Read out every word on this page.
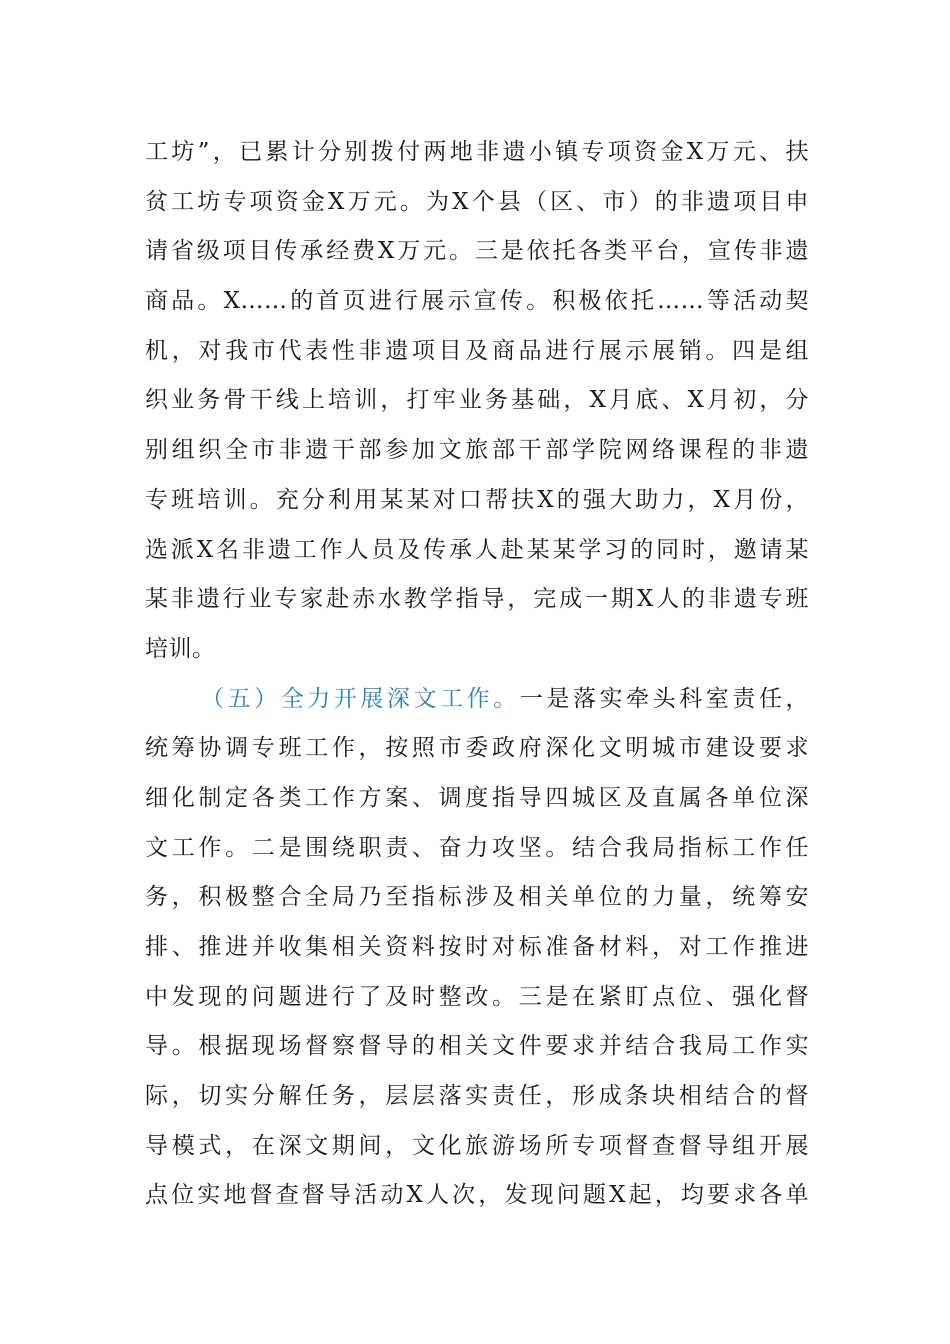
工坊”，已累计分别拨付两地非遗小镇专项资金X万元、扶
贫工坊专项资金X万元。为X个县（区、市）的非遗项目申
请省级项目传承经费X万元。三是依托各类平台，宣传非遗
商品。X……的首页进行展示宣传。积极依托……等活动契
机，对我市代表性非遗项目及商品进行展示展销。四是组
织业务骨干线上培训，打牢业务基础，X月底、X月初，分
别组织全市非遗干部参加文旅部干部学院网络课程的非遗
专班培训。充分利用某某对口帮扶X的强大助力，X月份，
选派X名非遗工作人员及传承人赴某某学习的同时，邀请某
某非遗行业专家赴赤水教学指导，完成一期X人的非遗专班
培训。
（五）全力开展深文工作。一是落实牵头科室责任，
统筹协调专班工作，按照市委政府深化文明城市建设要求
细化制定各类工作方案、调度指导四城区及直属各单位深
文工作。二是围绕职责、奋力攻坚。结合我局指标工作任
务，积极整合全局乃至指标涉及相关单位的力量，统筹安
排、推进并收集相关资料按时对标准备材料，对工作推进
中发现的问题进行了及时整改。三是在紧盯点位、强化督
导。根据现场督察督导的相关文件要求并结合我局工作实
际，切实分解任务，层层落实责任，形成条块相结合的督
导模式，在深文期间，文化旅游场所专项督查督导组开展
点位实地督查督导活动X人次，发现问题X起，均要求各单
